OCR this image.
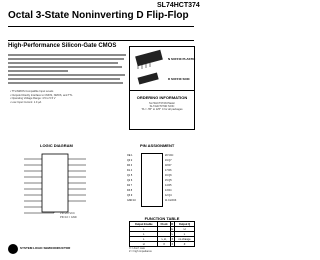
SL74HCT374
Octal 3-State Noninverting D Flip-Flop
High-Performance Silicon-Gate CMOS
• TTL/NMOS Compatible Input Levels
• Outputs Directly Interface to CMOS, NMOS, and TTL
• Operating Voltage Range: 4.5 to 5.5 V
• Low Input Current: 1.0 μA
N SUFFIX PLASTIC
D SUFFIX SOIC
ORDERING INFORMATION
SL74HCT374N Plastic
SL74HCT374D SOIC
TA = -55° to 125° C for all packages
LOGIC DIAGRAM
PIN 20=VCC
PIN 10 = GND
PIN ASSIGNMENT
OE 1
Q0 2
D0 3
D1 4
Q1 5
Q2 6
D2 7
D3 8
Q3 9
GND 10
20 VCC
19 Q7
18 D7
17 D6
16 Q6
15 Q5
14 D5
13 D4
12 Q4
11 CLOCK
FUNCTION TABLE
Output Enable	Clock	D	Output Q
L		H	H
L		L	L
L	L,H,	X	no change
H	X	X	Z
X = don't care
Z = high impedance
SYSTEM LOGIC SEMICONDUCTOR
